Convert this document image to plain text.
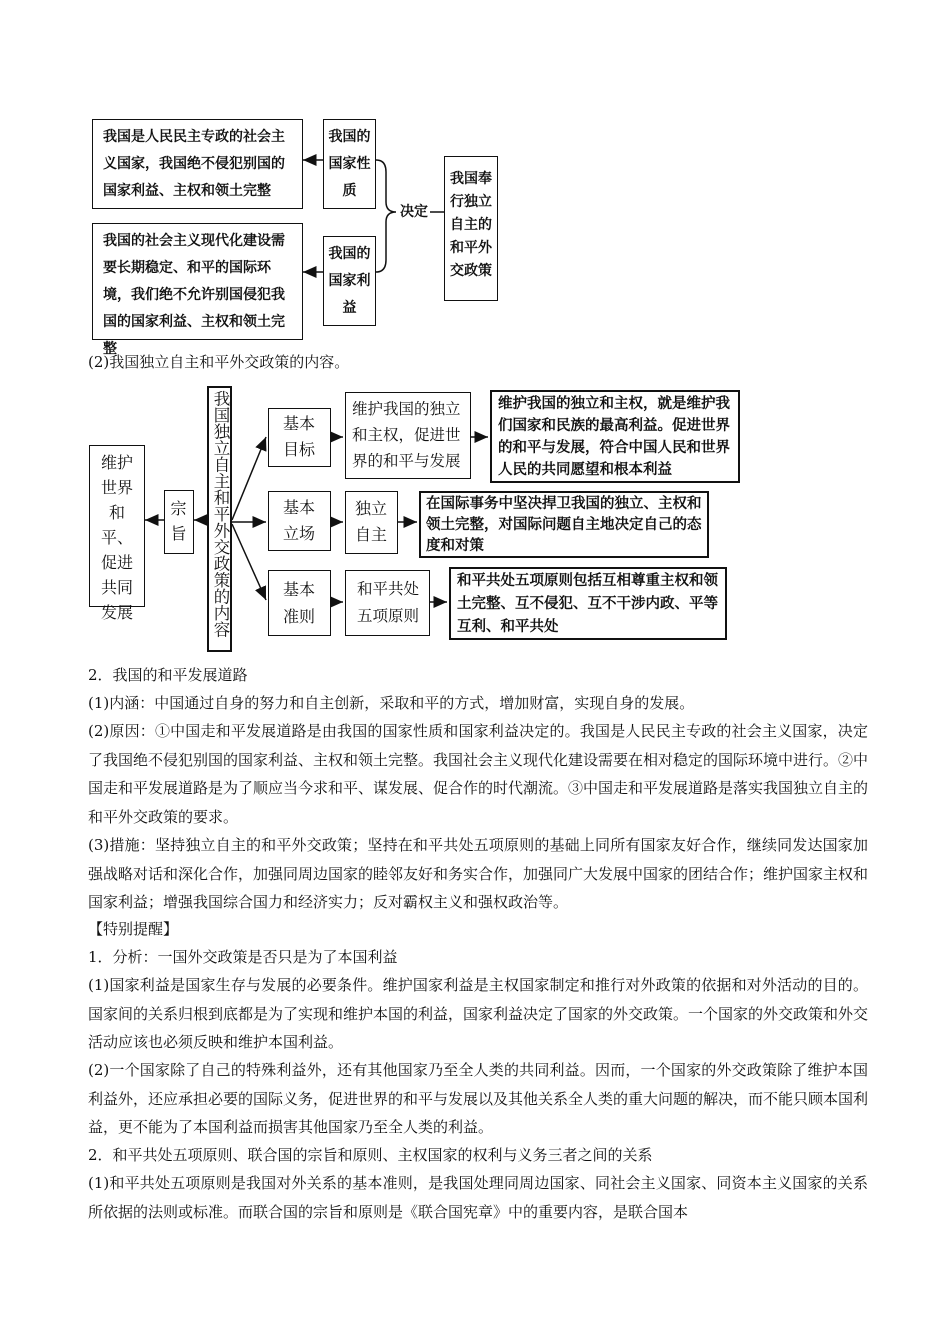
我国是人民民主专政的社会主义国家，我国绝不侵犯别国的国家利益、主权和领土完整
我国的国家性质
我国的社会主义现代化建设需要长期稳定、和平的国际环境，我们绝不允许别国侵犯我国的国家利益、主权和领土完整
我国的国家利益
决定
我国奉行独立自主的和平外交政策
(2)我国独立自主和平外交政策的内容。
维护世界和平、促进共同发展
宗旨	我国独立自主和平外交政策的内容	基本目标
维护我国的独立和主权，促进世界的和平与发展
维护我国的独立和主权，就是维护我们国家和民族的最高利益。促进世界的和平与发展，符合中国人民和世界人民的共同愿望和根本利益
基本立场
独立自主
在国际事务中坚决捍卫我国的独立、主权和领土完整，对国际问题自主地决定自己的态度和对策
基本准则
和平共处五项原则
和平共处五项原则包括互相尊重主权和领土完整、互不侵犯、互不干涉内政、平等互利、和平共处
2．我国的和平发展道路
(1)内涵：中国通过自身的努力和自主创新，采取和平的方式，增加财富，实现自身的发展。
(2)原因：①中国走和平发展道路是由我国的国家性质和国家利益决定的。我国是人民民主专政的社会主义国家，决定了我国绝不侵犯别国的国家利益、主权和领土完整。我国社会主义现代化建设需要在相对稳定的国际环境中进行。②中国走和平发展道路是为了顺应当今求和平、谋发展、促合作的时代潮流。③中国走和平发展道路是落实我国独立自主的和平外交政策的要求。
(3)措施：坚持独立自主的和平外交政策；坚持在和平共处五项原则的基础上同所有国家友好合作，继续同发达国家加强战略对话和深化合作，加强同周边国家的睦邻友好和务实合作，加强同广大发展中国家的团结合作；维护国家主权和国家利益；增强我国综合国力和经济实力；反对霸权主义和强权政治等。
【特别提醒】
1．分析：一国外交政策是否只是为了本国利益
(1)国家利益是国家生存与发展的必要条件。维护国家利益是主权国家制定和推行对外政策的依据和对外活动的目的。国家间的关系归根到底都是为了实现和维护本国的利益，国家利益决定了国家的外交政策。一个国家的外交政策和外交活动应该也必须反映和维护本国利益。
(2)一个国家除了自己的特殊利益外，还有其他国家乃至全人类的共同利益。因而，一个国家的外交政策除了维护本国利益外，还应承担必要的国际义务，促进世界的和平与发展以及其他关系全人类的重大问题的解决，而不能只顾本国利益，更不能为了本国利益而损害其他国家乃至全人类的利益。
2．和平共处五项原则、联合国的宗旨和原则、主权国家的权利与义务三者之间的关系
(1)和平共处五项原则是我国对外关系的基本准则，是我国处理同周边国家、同社会主义国家、同资本主义国家的关系所依据的法则或标准。而联合国的宗旨和原则是《联合国宪章》中的重要内容，是联合国本
